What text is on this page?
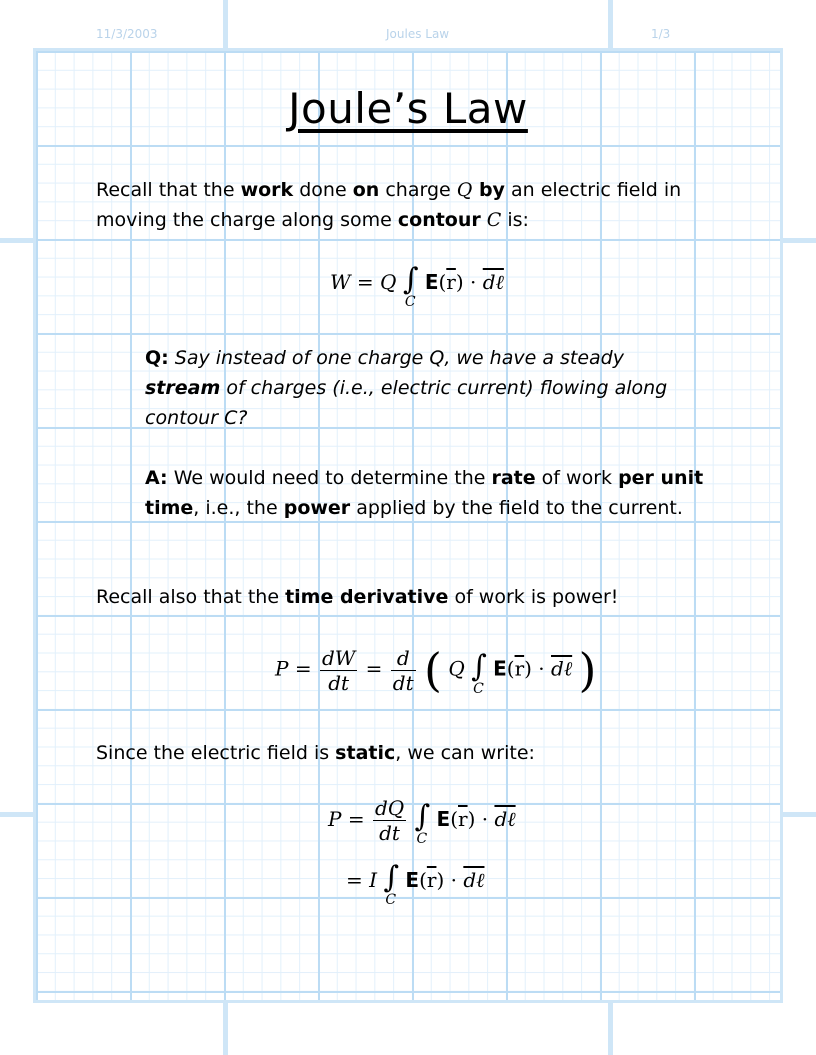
11/3/2003	Joules Law	1/3
Joule’s Law
Recall that the work done on charge Q by an electric field in moving the charge along some contour C is:
W = Q ∫
C
$E(\overline{r})$ · dℓ
Q: Say instead of one charge Q, we have a steady stream of charges (i.e., electric current) flowing along contour C?
A: We would need to determine the rate of work per unit time, i.e., the power applied by the field to the current.
Recall also that the time derivative of work is power!
$P = \frac{dW}{dt} = \frac{d}{dt}$ ( Q ∫
C
$E(\overline{r})$ · dℓ )
Since the electric field is static, we can write:
$P = \frac{dQ}{dt}$ ∫
C
$E(\overline{r})$ · dℓ
= I ∫
C
$E(\overline{r})$ · dℓ
